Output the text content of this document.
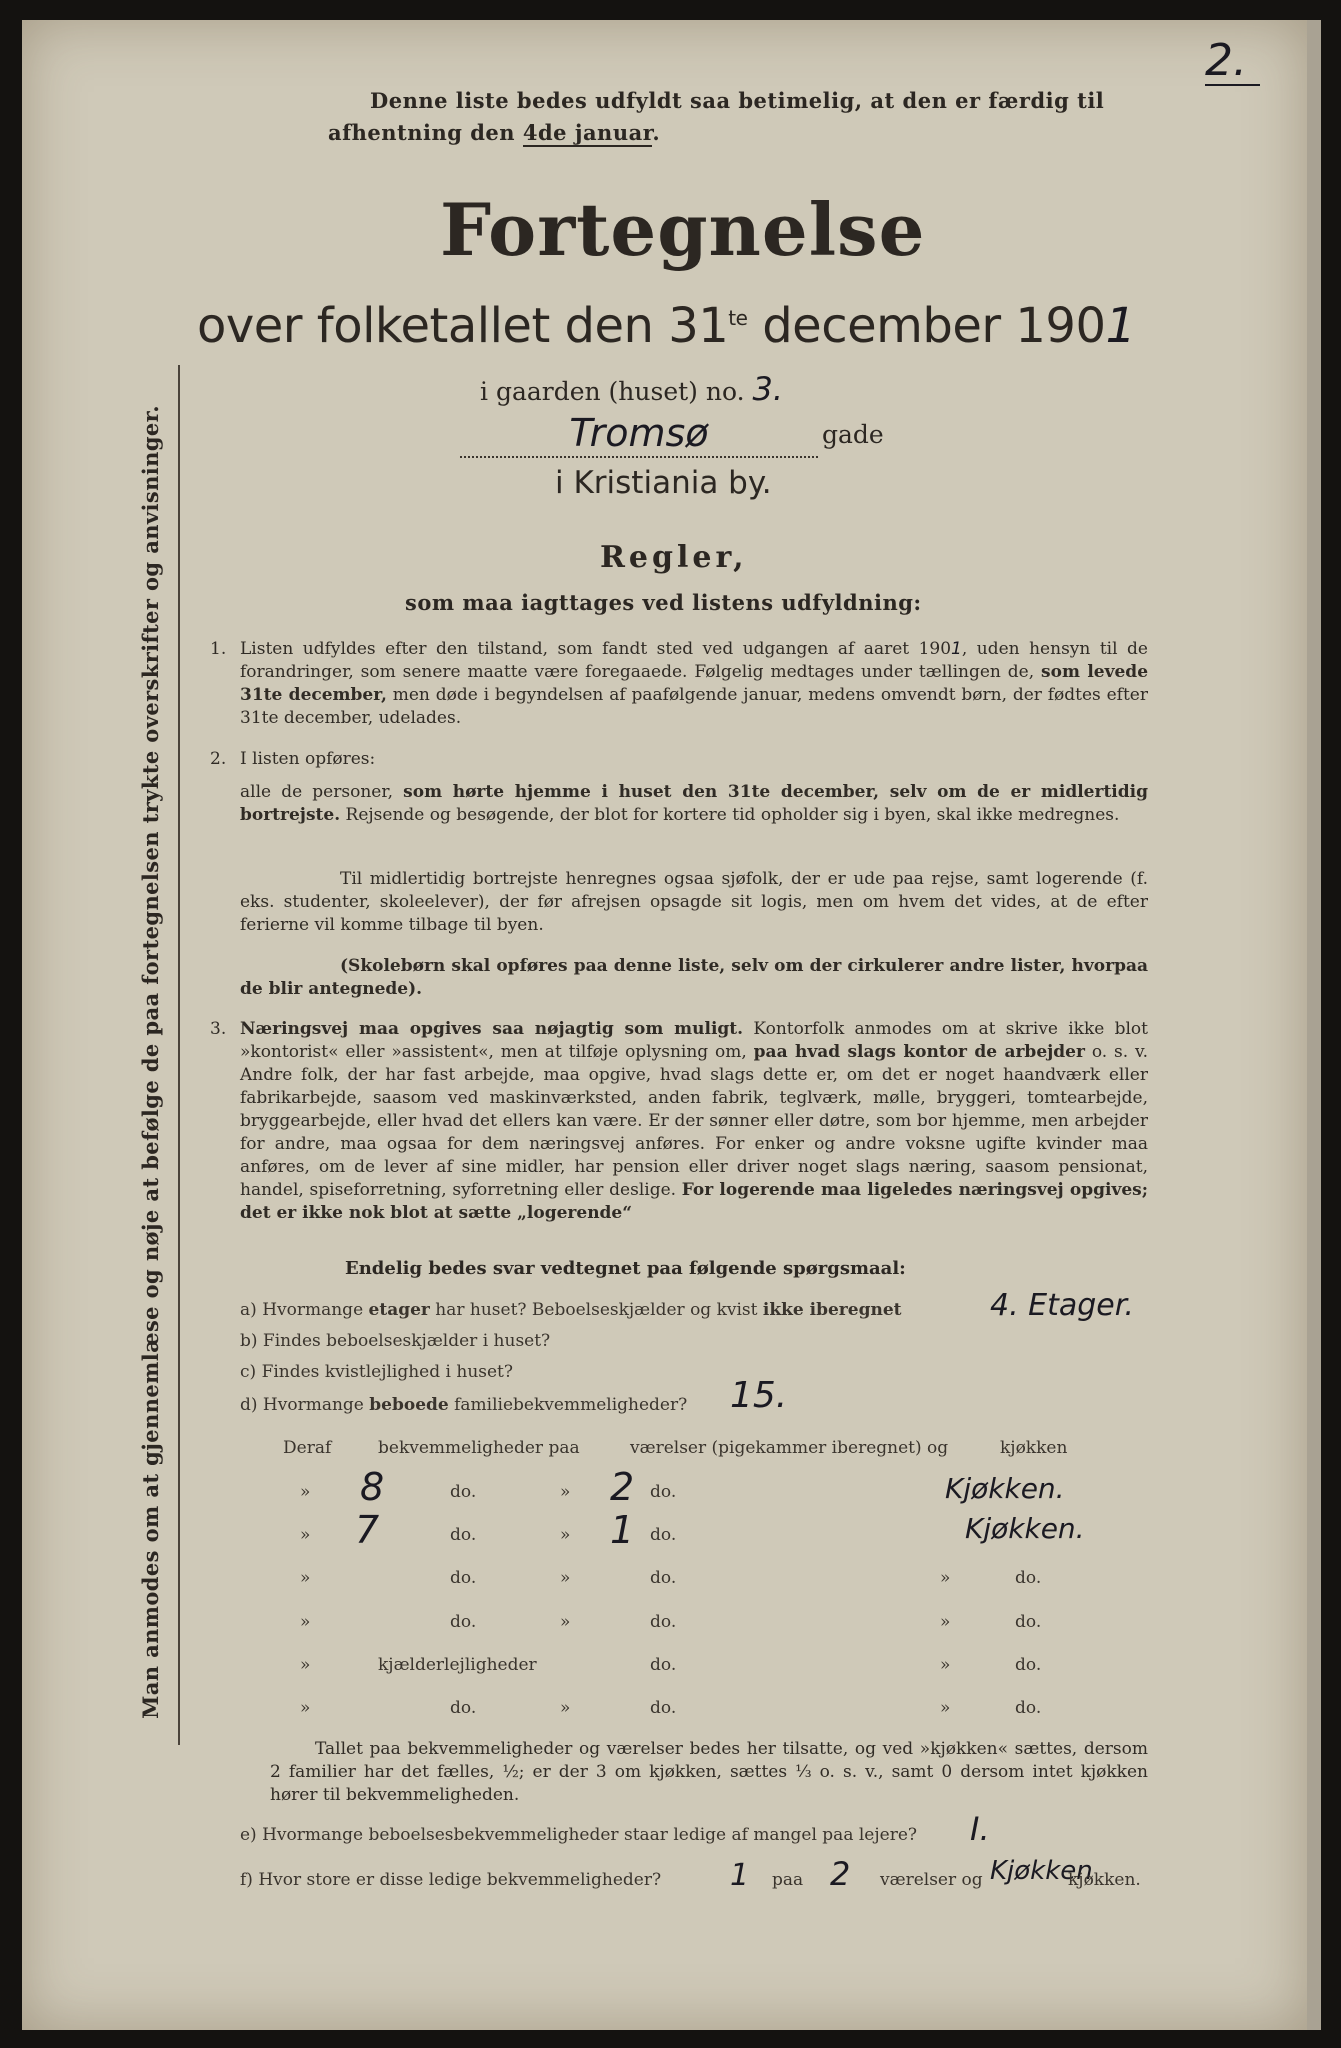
2.

Denne liste bedes udfyldt saa betimelig, at den er færdig til

afhentning den 4de januar.

Fortegnelse

over folketallet den $31^{te}$ december 1901

i gaarden (huset) no. 3.

Tromsø	gade

i Kristiania by.

Man anmodes om at gjennemlæse og nøje at befølge de paa fortegnelsen trykte overskrifter og anvisninger.	Regler,

som maa iagttages ved listens udfyldning:

1. Listen udfyldes efter den tilstand, som fandt sted ved udgangen af aaret 1901, uden hensyn til de forandringer, som senere maatte være foregaaede. Følgelig medtages under tællingen de, som levede 31te december, men døde i begyndelsen af paafølgende januar, medens omvendt børn, der fødtes efter 31te december, udelades.

2. I listen opføres:

alle de personer, som hørte hjemme i huset den 31te december, selv om de er midlertidig bortrejste. Rejsende og besøgende, der blot for kortere tid opholder sig i byen, skal ikke medregnes.

Til midlertidig bortrejste henregnes ogsaa sjøfolk, der er ude paa rejse, samt logerende (f. eks. studenter, skoleelever), der før afrejsen opsagde sit logis, men om hvem det vides, at de efter ferierne vil komme tilbage til byen.

(Skolebørn skal opføres paa denne liste, selv om der cirkulerer andre lister, hvorpaa de blir antegnede).

3. Næringsvej maa opgives saa nøjagtig som muligt. Kontorfolk anmodes om at skrive ikke blot »kontorist« eller »assistent«, men at tilføje oplysning om, paa hvad slags kontor de arbejder o. s. v. Andre folk, der har fast arbejde, maa opgive, hvad slags dette er, om det er noget haandværk eller fabrikarbejde, saasom ved maskinværksted, anden fabrik, teglværk, mølle, bryggeri, tomtearbejde, bryggearbejde, eller hvad det ellers kan være. Er der sønner eller døtre, som bor hjemme, men arbejder for andre, maa ogsaa for dem næringsvej anføres. For enker og andre voksne ugifte kvinder maa anføres, om de lever af sine midler, har pension eller driver noget slags næring, saasom pensionat, handel, spiseforretning, syforretning eller deslige. For logerende maa ligeledes næringsvej opgives; det er ikke nok blot at sætte „logerende“

Endelig bedes svar vedtegnet paa følgende spørgsmaal:

a) Hvormange etager har huset? Beboelseskjælder og kvist ikke iberegnet	4. Etager.

b) Findes beboelseskjælder i huset?

c) Findes kvistlejlighed i huset?

d) Hvormange beboede familiebekvemmeligheder? 15.

Deraf	bekvemmeligheder paa	værelser (pigekammer iberegnet) og	kjøkken

» 8	do.	» 2 do.	Kjøkken.
» 7	do.	» 1 do.	Kjøkken.
»	do.	»	do.	»	do.
»	do.	»	do.	»	do.
»	kjælderlejligheder	do.	»	do.
»	do.	»	do.	»	do.

Tallet paa bekvemmeligheder og værelser bedes her tilsatte, og ved »kjøkken« sættes, dersom 2 familier har det fælles, ½; er der 3 om kjøkken, sættes ⅓ o. s. v., samt 0 dersom intet kjøkken hører til bekvemmeligheden.

e) Hvormange beboelsesbekvemmeligheder staar ledige af mangel paa lejere? I.

f) Hvor store er disse ledige bekvemmeligheder? 1 paa 2 værelser og Kjøkken
kjøkken.
